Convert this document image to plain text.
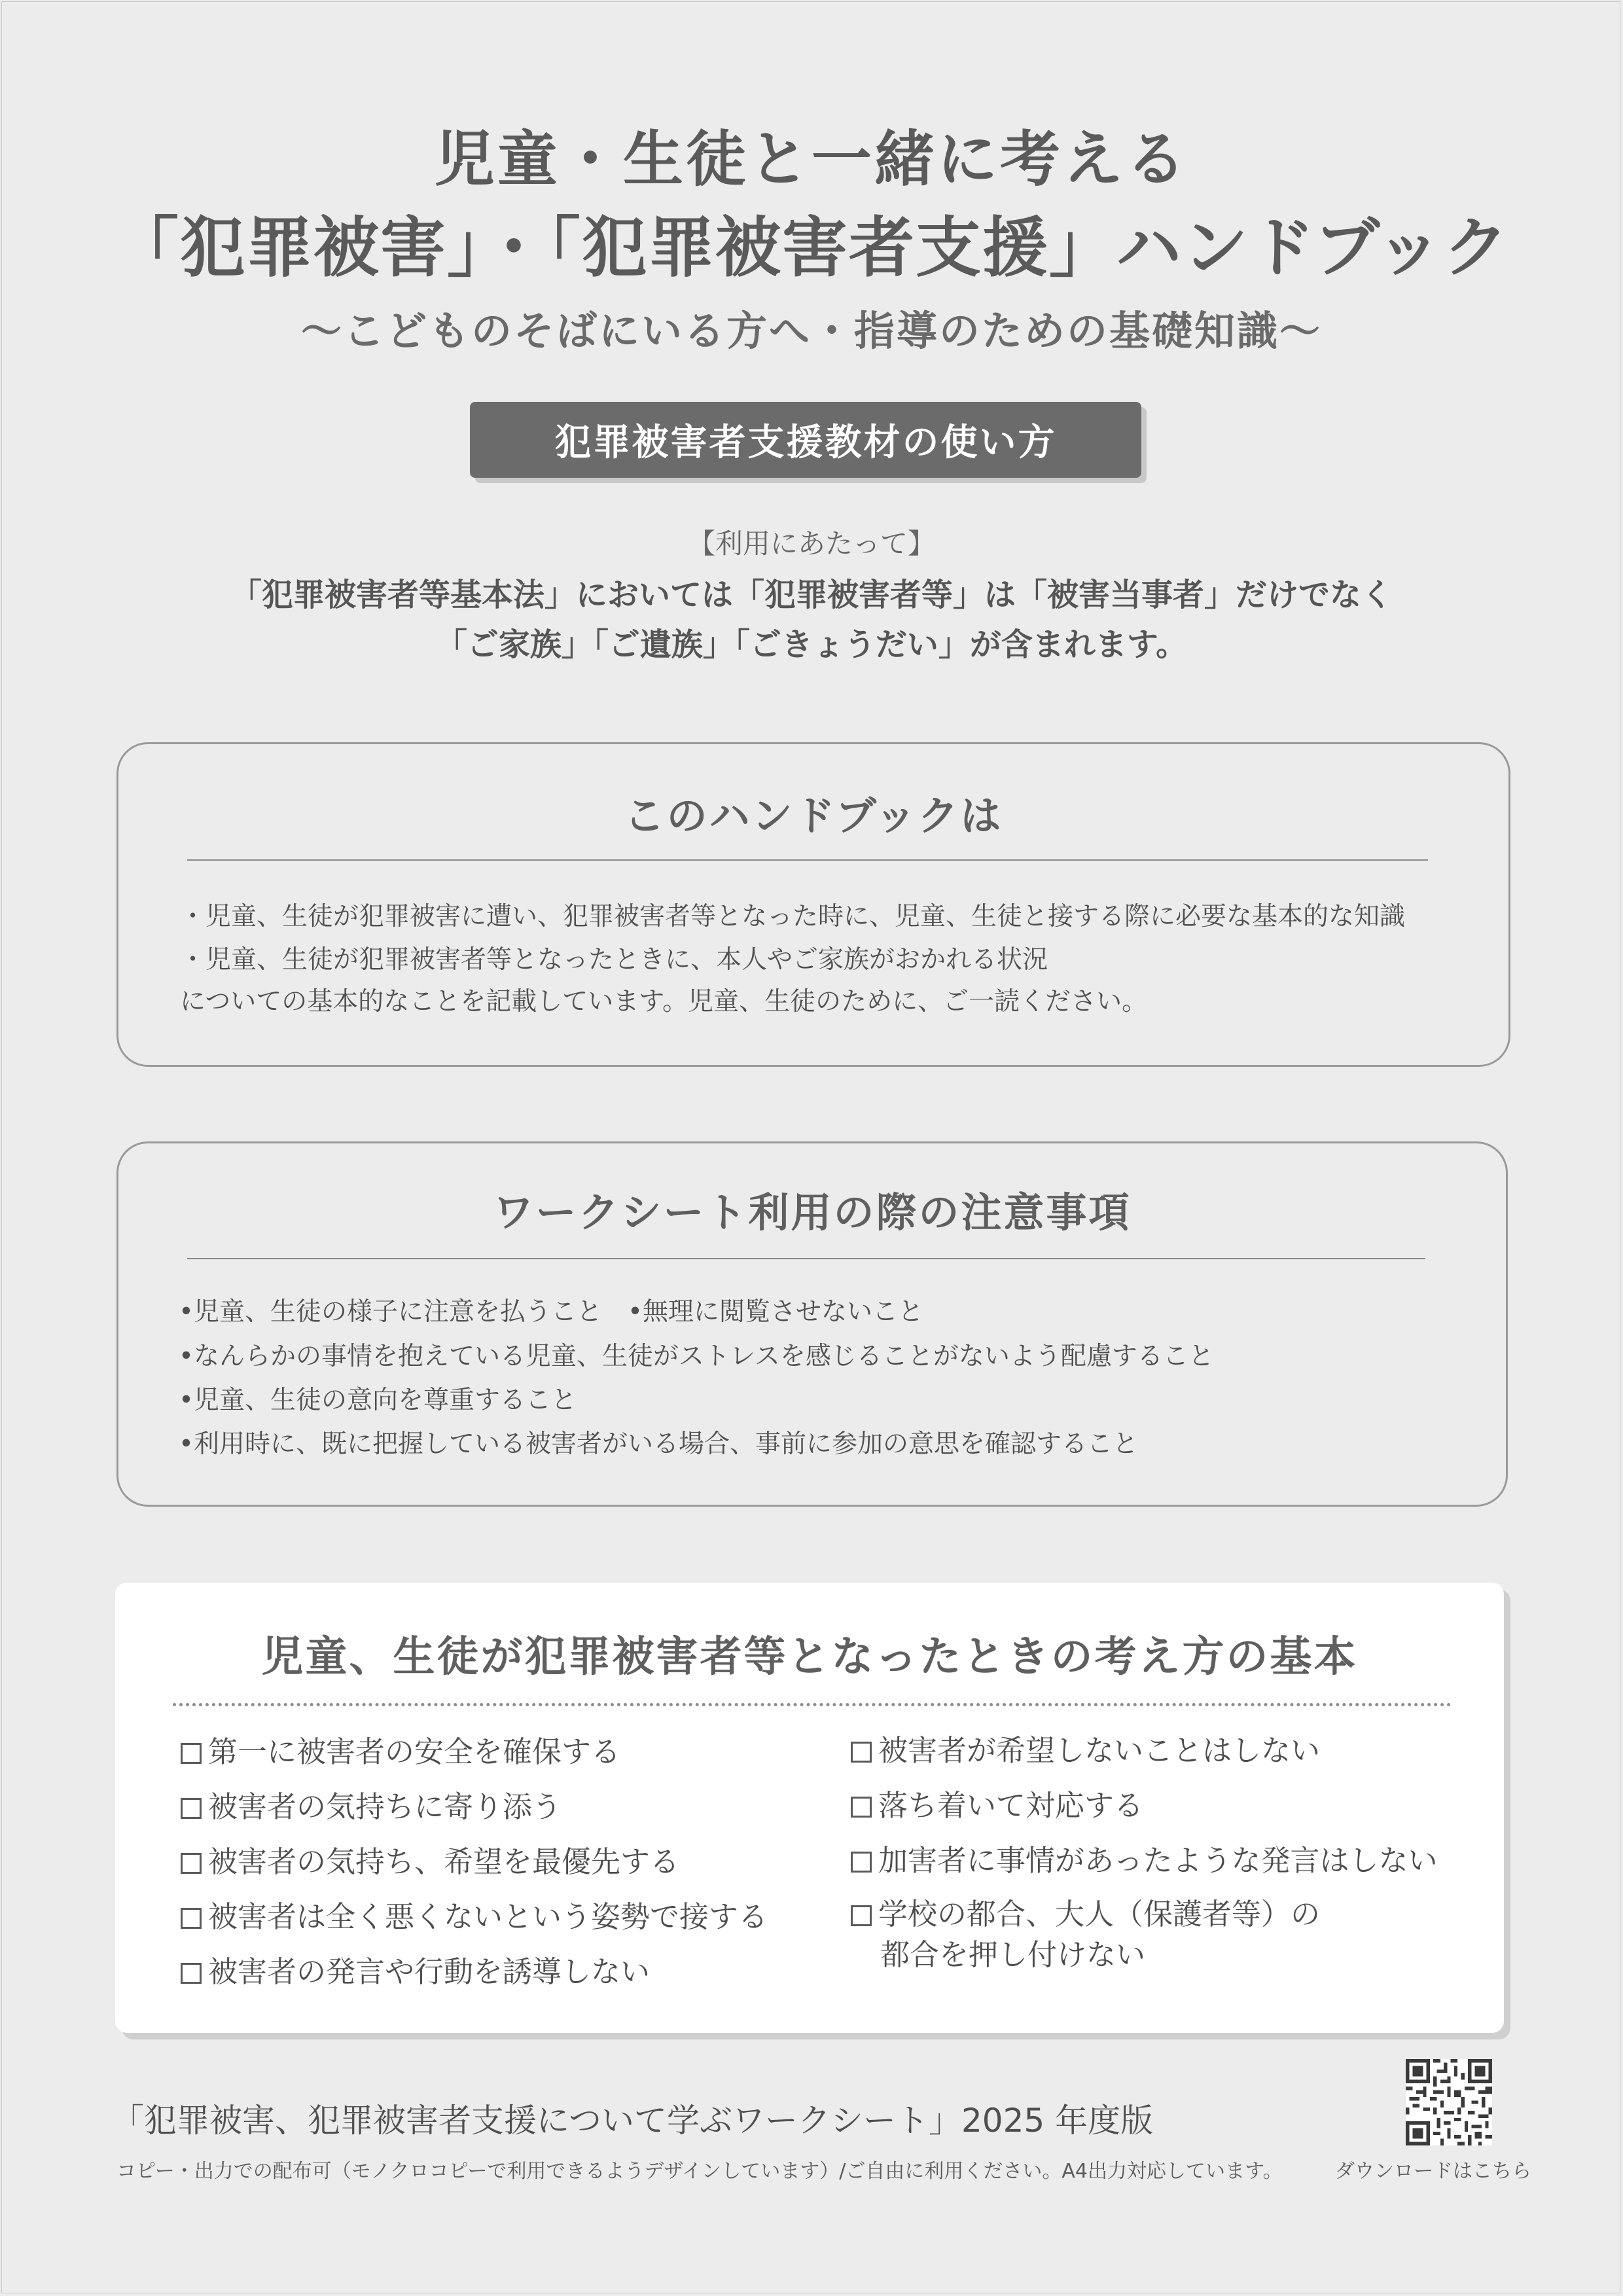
児童・生徒と一緒に考える
「犯罪被害」・「犯罪被害者支援」ハンドブック
〜こどものそばにいる方へ・指導のための基礎知識〜
犯罪被害者支援教材の使い方
【利用にあたって】
「犯罪被害者等基本法」においては「犯罪被害者等」は「被害当事者」だけでなく
「ご家族」「ご遺族」「ごきょうだい」が含まれます。
このハンドブックは
・児童、生徒が犯罪被害に遭い、犯罪被害者等となった時に、児童、生徒と接する際に必要な基本的な知識
・児童、生徒が犯罪被害者等となったときに、本人やご家族がおかれる状況
についての基本的なことを記載しています。児童、生徒のために、ご一読ください。
ワークシート利用の際の注意事項
•児童、生徒の様子に注意を払うこと　•無理に閲覧させないこと
•なんらかの事情を抱えている児童、生徒がストレスを感じることがないよう配慮すること
•児童、生徒の意向を尊重すること
•利用時に、既に把握している被害者がいる場合、事前に参加の意思を確認すること
児童、生徒が犯罪被害者等となったときの考え方の基本
第一に被害者の安全を確保する
被害者の気持ちに寄り添う
被害者の気持ち、希望を最優先する
被害者は全く悪くないという姿勢で接する
被害者の発言や行動を誘導しない
被害者が希望しないことはしない
落ち着いて対応する
加害者に事情があったような発言はしない
学校の都合、大人（保護者等）の
都合を押し付けない
「犯罪被害、犯罪被害者支援について学ぶワークシート」2025 年度版
コピー・出力での配布可（モノクロコピーで利用できるようデザインしています）/ご自由に利用ください。A4出力対応しています。	ダウンロードはこちら
